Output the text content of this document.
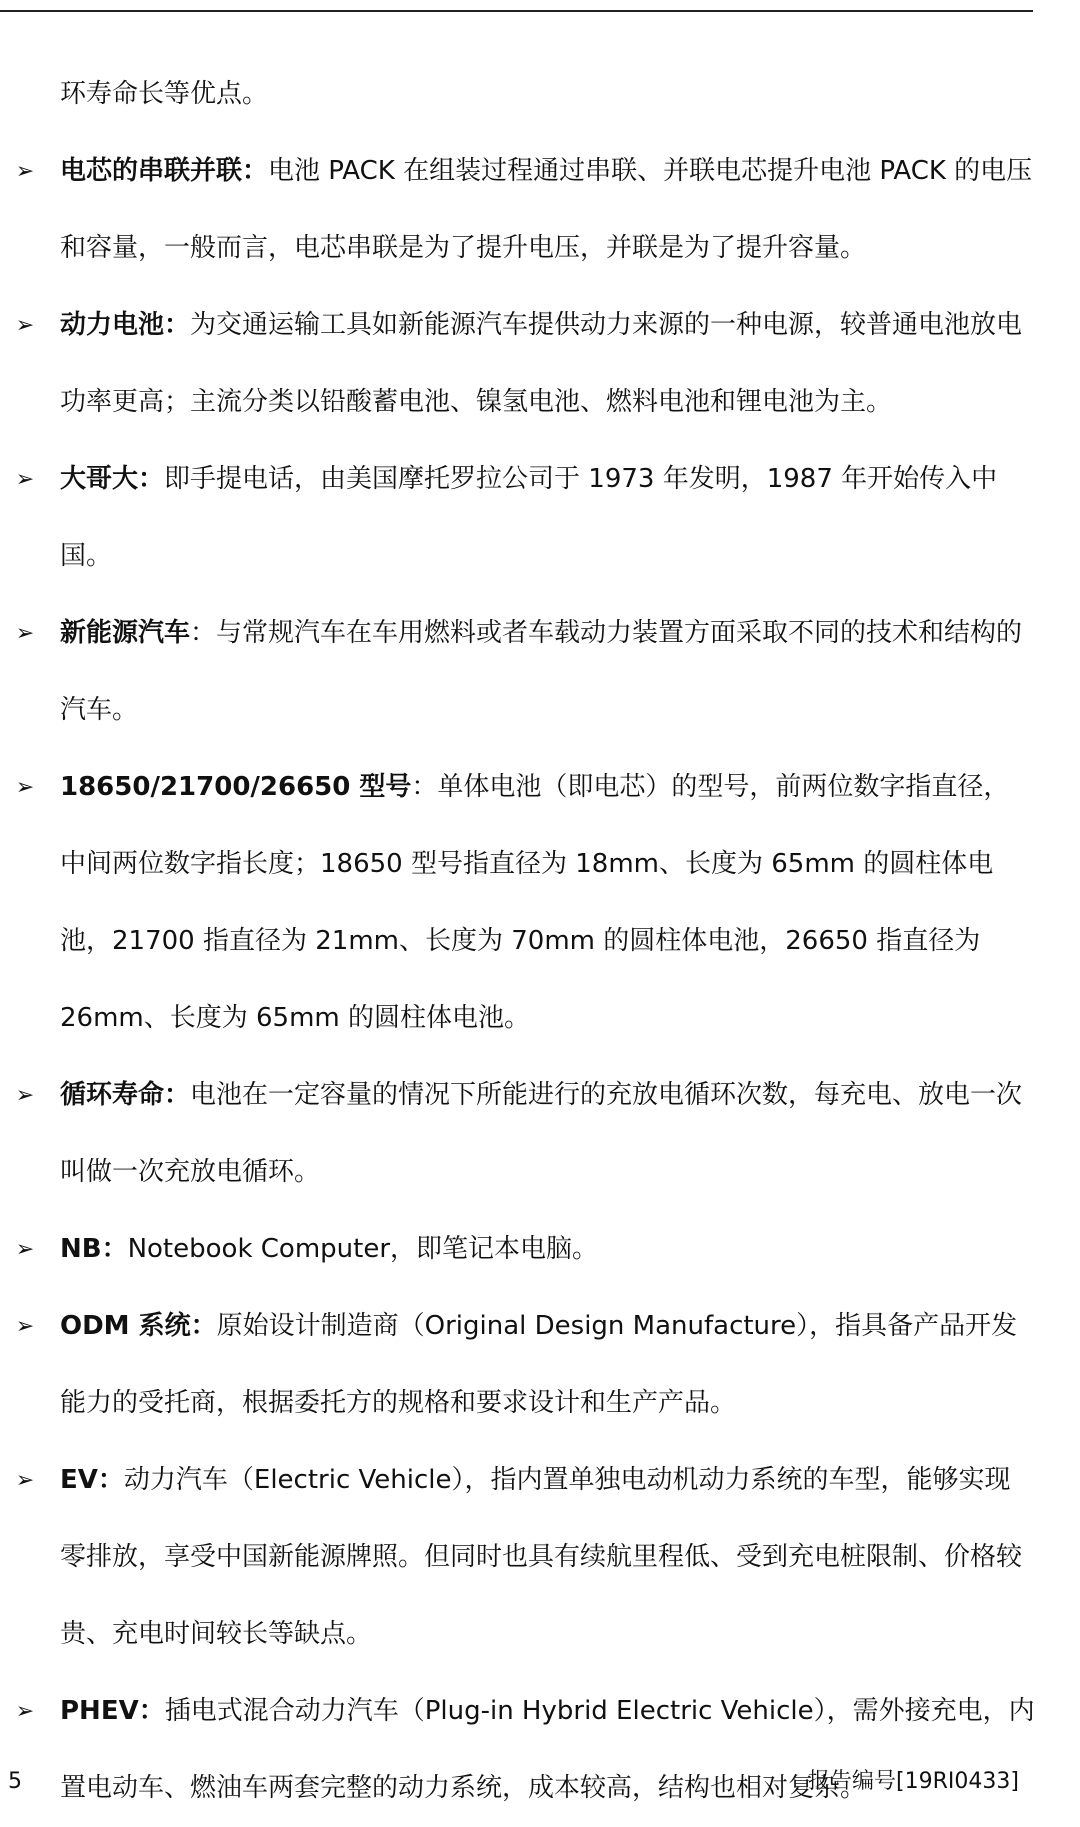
环寿命长等优点。
➢ 电芯的串联并联：电池 PACK 在组装过程通过串联、并联电芯提升电池 PACK 的电压和容量，一般而言，电芯串联是为了提升电压，并联是为了提升容量。
➢ 动力电池：为交通运输工具如新能源汽车提供动力来源的一种电源，较普通电池放电功率更高；主流分类以铅酸蓄电池、镍氢电池、燃料电池和锂电池为主。
➢ 大哥大：即手提电话，由美国摩托罗拉公司于 1973 年发明，1987 年开始传入中国。
➢ 新能源汽车：与常规汽车在车用燃料或者车载动力装置方面采取不同的技术和结构的汽车。
➢ 18650/21700/26650 型号：单体电池（即电芯）的型号，前两位数字指直径，中间两位数字指长度；18650 型号指直径为 18mm、长度为 65mm 的圆柱体电池，21700 指直径为 21mm、长度为 70mm 的圆柱体电池，26650 指直径为 26mm、长度为 65mm 的圆柱体电池。
➢ 循环寿命：电池在一定容量的情况下所能进行的充放电循环次数，每充电、放电一次叫做一次充放电循环。
➢ NB：Notebook Computer，即笔记本电脑。
➢ ODM 系统：原始设计制造商（Original Design Manufacture），指具备产品开发能力的受托商，根据委托方的规格和要求设计和生产产品。
➢ EV：动力汽车（Electric Vehicle），指内置单独电动机动力系统的车型，能够实现零排放，享受中国新能源牌照。但同时也具有续航里程低、受到充电桩限制、价格较贵、充电时间较长等缺点。
➢ PHEV：插电式混合动力汽车（Plug-in Hybrid Electric Vehicle），需外接充电，内置电动车、燃油车两套完整的动力系统，成本较高，结构也相对复杂。
5	报告编号[19RI0433]
